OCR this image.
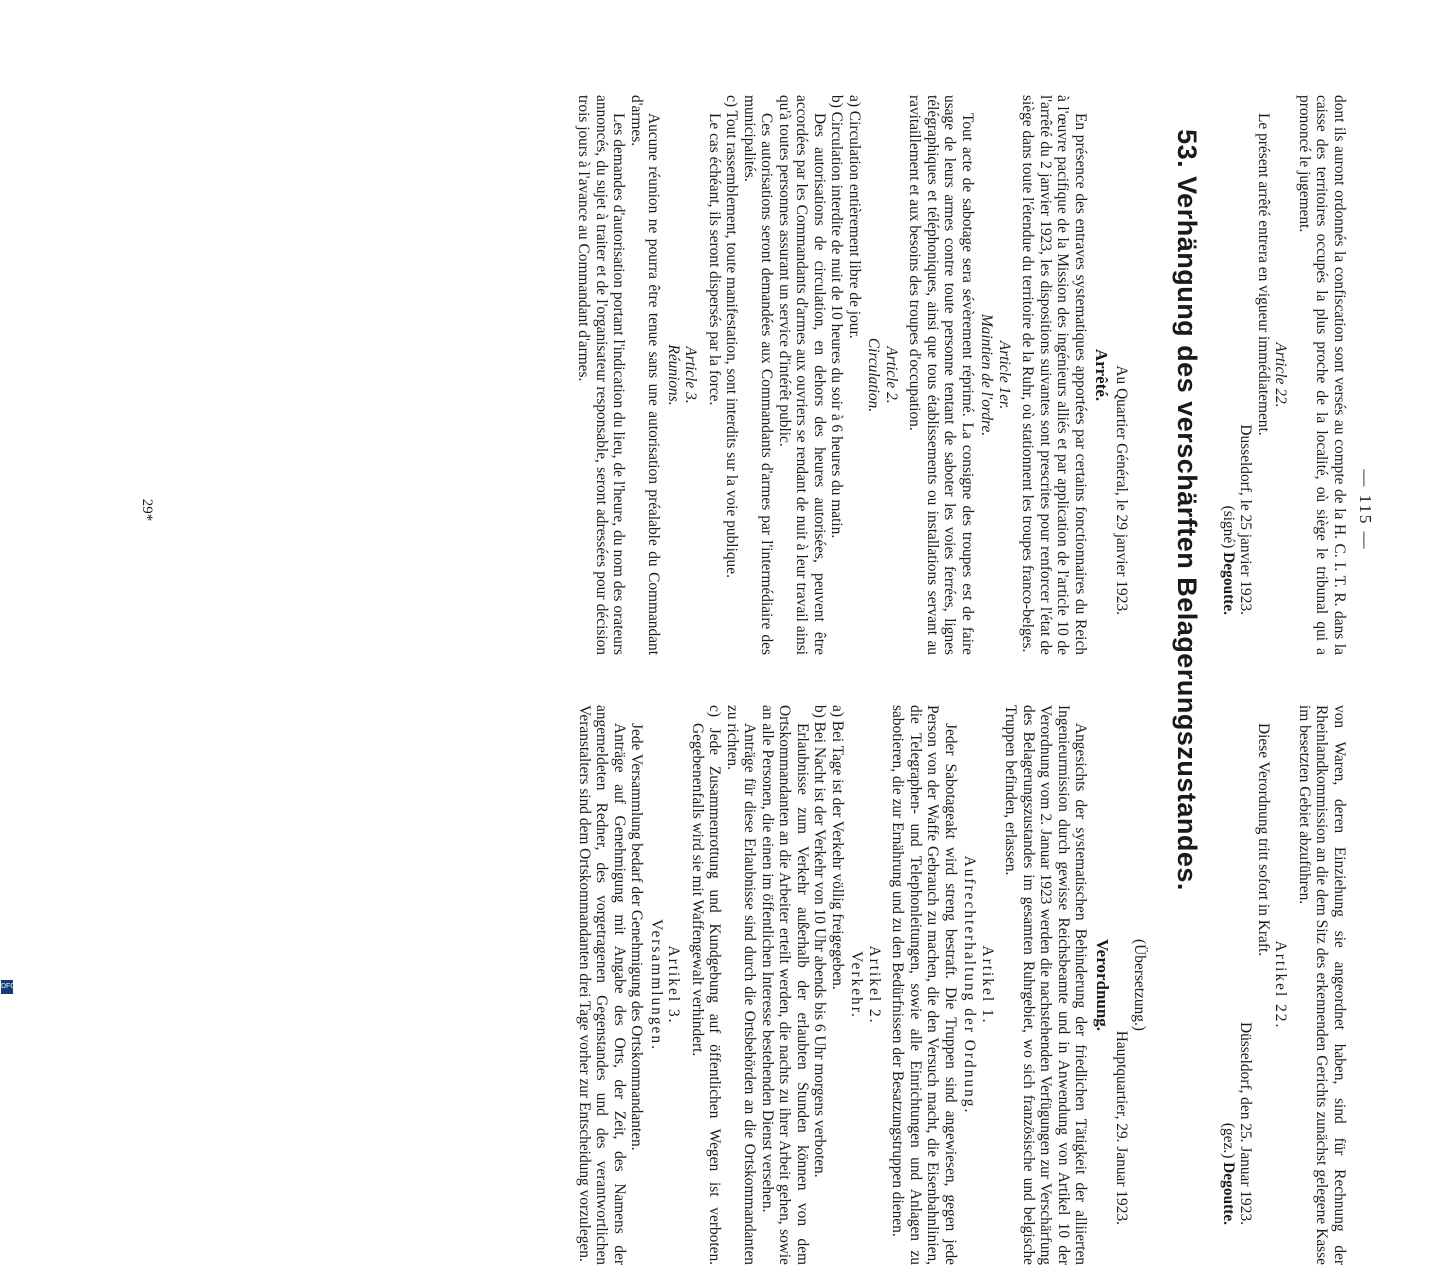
— 115 —

dont ils auront ordonnés la confiscation sont versés au compte de la H. C. I. T. R. dans la caisse des territoires occupés la plus proche de la localité, où siège le tribunal qui a prononcé le jugement.

Article 22.

Le présent arrêté entrera en vigueur immédiatement.

Dusseldorf, le 25 janvier 1923.

(signé) Degoutte.

53. Verhängung des verschärften Belagerungszustandes.

Au Quartier Général, le 29 janvier 1923.

Arrêté.

En présence des entraves systematiques apportées par certains fonctionnaires du Reich à l'œuvre pacifique de la Mission des ingénieurs alliés et par application de l'article 10 de l'arrêté du 2 janvier 1923, les dispositions suivantes sont prescrites pour renforcer l'état de siège dans toute l'étendue du territoire de la Ruhr, où stationnent les troupes franco-belges.

Article 1er.
Maintien de l'ordre.

Tout acte de sabotage sera sévèrement réprimé. La consigne des troupes est de faire usage de leurs armes contre toute personne tentant de saboter les voies ferrées, lignes télégraphiques et téléphoniques, ainsi que tous établissements ou installations servant au ravitaillement et aux besoins des troupes d'occupation.

Article 2.
Circulation.

a) Circulation entièrement libre de jour.

b) Circulation interdite de nuit de 10 heures du soir à 6 heures du matin.

Des autorisations de circulation, en dehors des heures autorisées, peuvent être accordées par les Commandants d'armes aux ouvriers se rendant de nuit à leur travail ainsi qu'à toutes personnes assurant un service d'intérêt public.

Ces autorisations seront demandées aux Commandants d'armes par l'intermédiaire des municipalités.

c) Tout rassemblement, toute manifestation, sont interdits sur la voie publique.

Le cas échéant, ils seront dispersés par la force.

Article 3.
Réunions.

Aucune réunion ne pourra être tenue sans une autorisation préalable du Commandant d'armes.

Les demandes d'autorisation portant l'indication du lieu, de l'heure, du nom des orateurs annoncés, du sujet à traiter et de l'organisateur responsable, seront adressées pour décision trois jours à l'avance au Commandant d'armes.

von Waren, deren Einziehung sie angeordnet haben, sind für Rechnung der Rheinlandkommission an die dem Sitz des erkennenden Gerichts zunächst gelegene Kasse im besetzten Gebiet abzuführen.

Artikel 22.

Diese Verordnung tritt sofort in Kraft.

Düsseldorf, den 25. Januar 1923.

(gez.) Degoutte.

(Übersetzung.)

Hauptquartier, 29. Januar 1923.

Verordnung.

Angesichts der systematischen Behinderung der friedlichen Tätigkeit der alliierten Ingenieurmission durch gewisse Reichsbeamte und in Anwendung von Artikel 10 der Verordnung vom 2. Januar 1923 werden die nachstehenden Verfügungen zur Verschärfung des Belagerungszustandes im gesamten Ruhrgebiet, wo sich französische und belgische Truppen befinden, erlassen.

Artikel 1.
Aufrechterhaltung der Ordnung.

Jeder Sabotageakt wird streng bestraft. Die Truppen sind angewiesen, gegen jede Person von der Waffe Gebrauch zu machen, die den Versuch macht, die Eisenbahnlinien, die Telegraphen- und Telephonleitungen, sowie alle Einrichtungen und Anlagen zu sabotieren, die zur Ernährung und zu den Bedürfnissen der Besatzungstruppen dienen.

Artikel 2.
Verkehr.

a) Bei Tage ist der Verkehr völlig freigegeben.

b) Bei Nacht ist der Verkehr von 10 Uhr abends bis 6 Uhr morgens verboten.

Erlaubnisse zum Verkehr außerhalb der erlaubten Stunden können von dem Ortskommandanten an die Arbeiter erteilt werden, die nachts zu ihrer Arbeit gehen, sowie an alle Personen, die einen im öffentlichen Interesse bestehenden Dienst versehen.

Anträge für diese Erlaubnisse sind durch die Ortsbehörden an die Ortskommandanten zu richten.

c) Jede Zusammenrottung und Kundgebung auf öffentlichen Wegen ist verboten. Gegebenenfalls wird sie mit Waffengewalt verhindert.

Artikel 3.
Versammlungen.

Jede Versammlung bedarf der Genehmigung des Ortskommandanten.

Anträge auf Genehmigung mit Angabe des Orts, der Zeit, des Namens der angemeldeten Redner, des vorgetragenen Gegenstandes und des verantwortlichen Veranstalters sind dem Ortskommandanten drei Tage vorher zur Entscheidung vorzulegen.

29*
DFG
